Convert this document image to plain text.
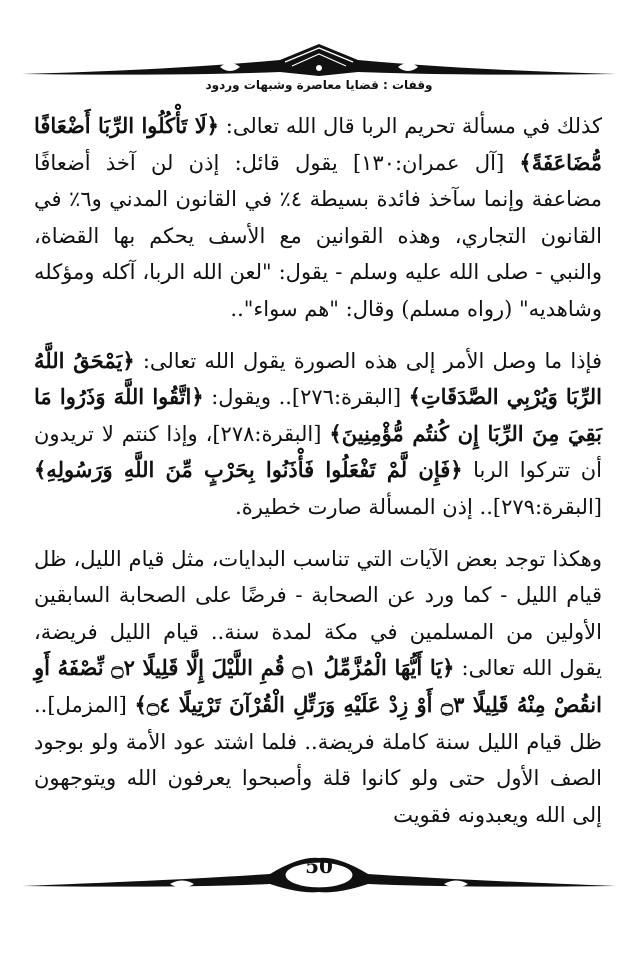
وقفات : قضايا معاصرة وشبهات وردود

كذلك في مسألة تحريم الربا قال الله تعالى: ﴿لَا تَأْكُلُوا الرِّبَا أَضْعَافًا مُّضَاعَفَةً﴾ [آل عمران:١٣٠] يقول قائل: إذن لن آخذ أضعافًا مضاعفة وإنما سآخذ فائدة بسيطة ٤٪ في القانون المدني و٦٪ في القانون التجاري، وهذه القوانين مع الأسف يحكم بها القضاة، والنبي - صلى الله عليه وسلم - يقول: "لعن الله الربا، آكله ومؤكله وشاهديه" (رواه مسلم) وقال: "هم سواء"..

فإذا ما وصل الأمر إلى هذه الصورة يقول الله تعالى: ﴿يَمْحَقُ اللَّهُ الرِّبَا وَيُرْبِي الصَّدَقَاتِ﴾ [البقرة:٢٧٦].. ويقول: ﴿اتَّقُوا اللَّهَ وَذَرُوا مَا بَقِيَ مِنَ الرِّبَا إِن كُنتُم مُّؤْمِنِينَ﴾ [البقرة:٢٧٨]، وإذا كنتم لا تريدون أن تتركوا الربا ﴿فَإِن لَّمْ تَفْعَلُوا فَأْذَنُوا بِحَرْبٍ مِّنَ اللَّهِ وَرَسُولِهِ﴾ [البقرة:٢٧٩].. إذن المسألة صارت خطيرة.

وهكذا توجد بعض الآيات التي تناسب البدايات، مثل قيام الليل، ظل قيام الليل - كما ورد عن الصحابة - فرضًا على الصحابة السابقين الأولين من المسلمين في مكة لمدة سنة.. قيام الليل فريضة، يقول الله تعالى: ﴿يَا أَيُّهَا الْمُزَّمِّلُ ۝١ قُمِ اللَّيْلَ إِلَّا قَلِيلًا ۝٢ نِّصْفَهُ أَوِ انقُصْ مِنْهُ قَلِيلًا ۝٣ أَوْ زِدْ عَلَيْهِ وَرَتِّلِ الْقُرْآنَ تَرْتِيلًا ۝٤﴾ [المزمل].. ظل قيام الليل سنة كاملة فريضة.. فلما اشتد عود الأمة ولو بوجود الصف الأول حتى ولو كانوا قلة وأصبحوا يعرفون الله ويتوجهون إلى الله ويعبدونه فقويت

50
